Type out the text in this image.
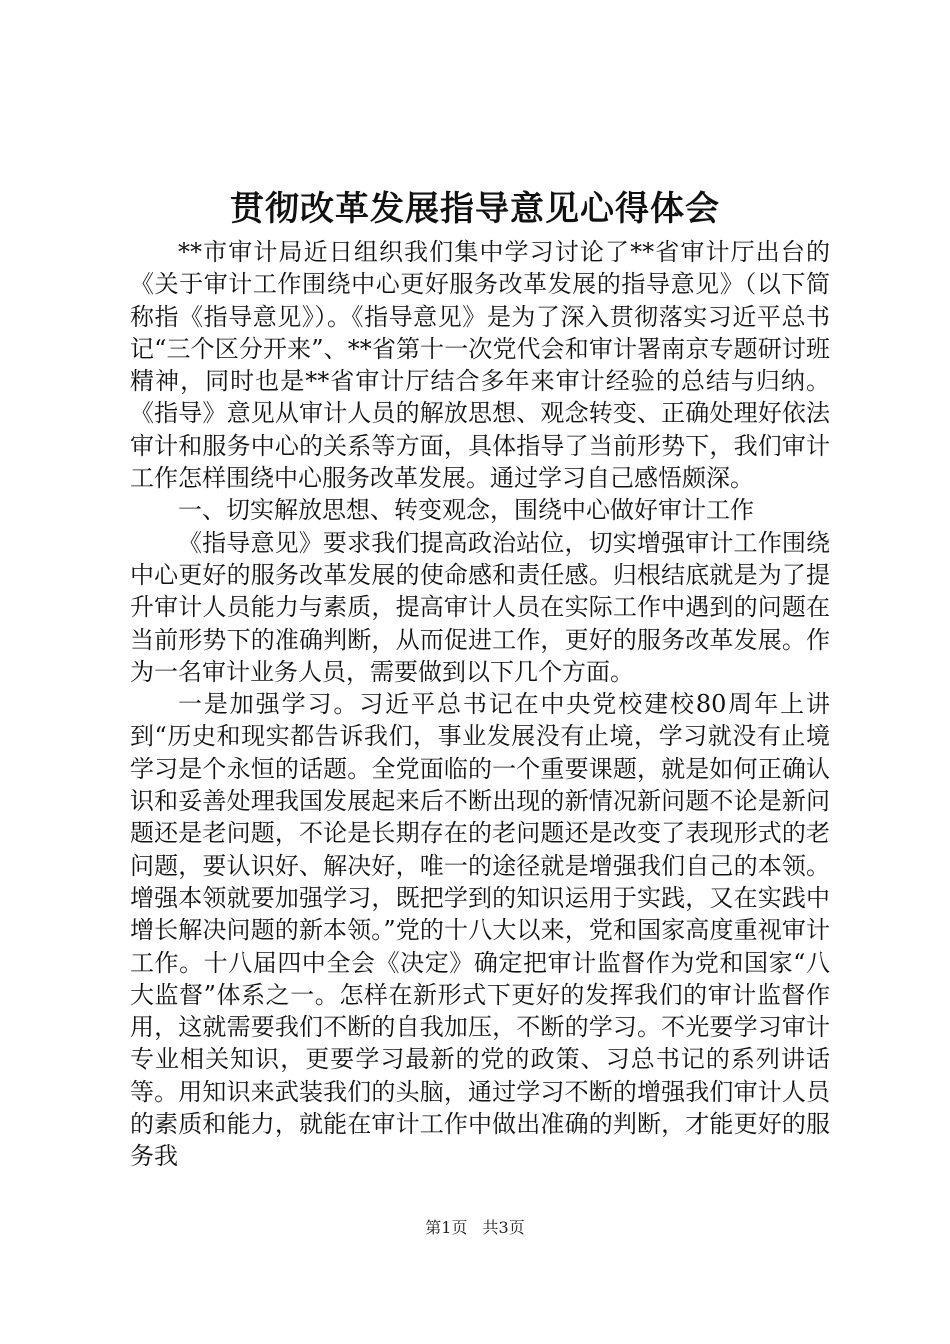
贯彻改革发展指导意见心得体会

**市审计局近日组织我们集中学习讨论了**省审计厅出台的《关于审计工作围绕中心更好服务改革发展的指导意见》（以下简称指《指导意见》）。《指导意见》是为了深入贯彻落实习近平总书记“三个区分开来”、**省第十一次党代会和审计署南京专题研讨班精神，同时也是**省审计厅结合多年来审计经验的总结与归纳。《指导》意见从审计人员的解放思想、观念转变、正确处理好依法审计和服务中心的关系等方面，具体指导了当前形势下，我们审计工作怎样围绕中心服务改革发展。通过学习自己感悟颇深。

一、切实解放思想、转变观念，围绕中心做好审计工作

《指导意见》要求我们提高政治站位，切实增强审计工作围绕中心更好的服务改革发展的使命感和责任感。归根结底就是为了提升审计人员能力与素质，提高审计人员在实际工作中遇到的问题在当前形势下的准确判断，从而促进工作，更好的服务改革发展。作为一名审计业务人员，需要做到以下几个方面。

一是加强学习。习近平总书记在中央党校建校80周年上讲到“历史和现实都告诉我们，事业发展没有止境，学习就没有止境学习是个永恒的话题。全党面临的一个重要课题，就是如何正确认识和妥善处理我国发展起来后不断出现的新情况新问题不论是新问题还是老问题，不论是长期存在的老问题还是改变了表现形式的老问题，要认识好、解决好，唯一的途径就是增强我们自己的本领。增强本领就要加强学习，既把学到的知识运用于实践，又在实践中增长解决问题的新本领。”党的十八大以来，党和国家高度重视审计工作。十八届四中全会《决定》确定把审计监督作为党和国家“八大监督”体系之一。怎样在新形式下更好的发挥我们的审计监督作用，这就需要我们不断的自我加压，不断的学习。不光要学习审计专业相关知识，更要学习最新的党的政策、习总书记的系列讲话等。用知识来武装我们的头脑，通过学习不断的增强我们审计人员的素质和能力，就能在审计工作中做出准确的判断，才能更好的服务我

第1页 共3页
